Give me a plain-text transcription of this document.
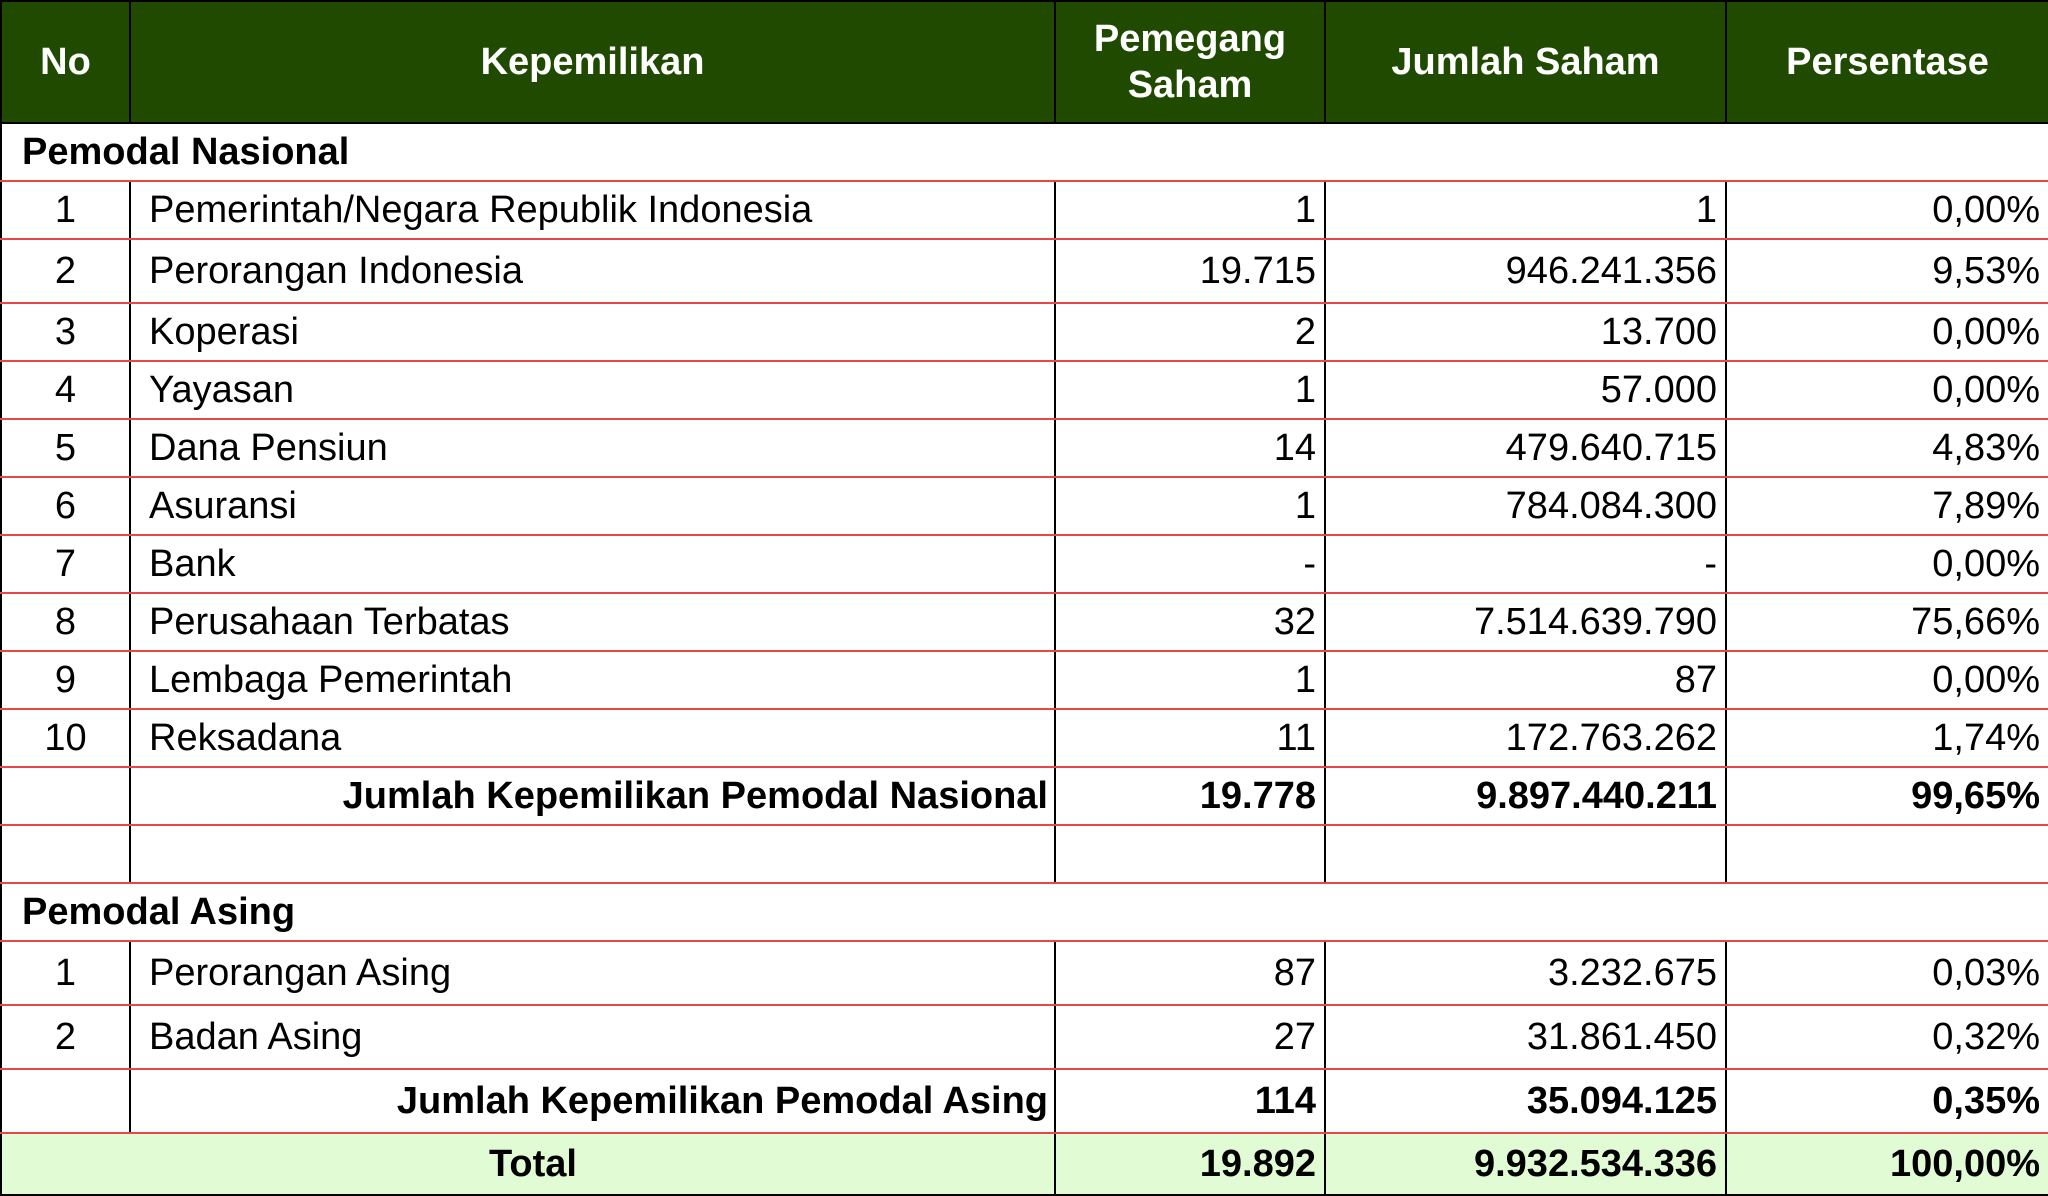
No	Kepemilikan	Pemegang Saham	Jumlah Saham	Persentase
Pemodal Nasional				
1	Pemerintah/Negara Republik Indonesia	1	1	0,00%
2	Perorangan Indonesia	19.715	946.241.356	9,53%
3	Koperasi	2	13.700	0,00%
4	Yayasan	1	57.000	0,00%
5	Dana Pensiun	14	479.640.715	4,83%
6	Asuransi	1	784.084.300	7,89%
7	Bank	-	-	0,00%
8	Perusahaan Terbatas	32	7.514.639.790	75,66%
9	Lembaga Pemerintah	1	87	0,00%
10	Reksadana	11	172.763.262	1,74%
	Jumlah Kepemilikan Pemodal Nasional	19.778	9.897.440.211	99,65%

Pemodal Asing				
1	Perorangan Asing	87	3.232.675	0,03%
2	Badan Asing	27	31.861.450	0,32%
	Jumlah Kepemilikan Pemodal Asing	114	35.094.125	0,35%
Total		19.892	9.932.534.336	100,00%
